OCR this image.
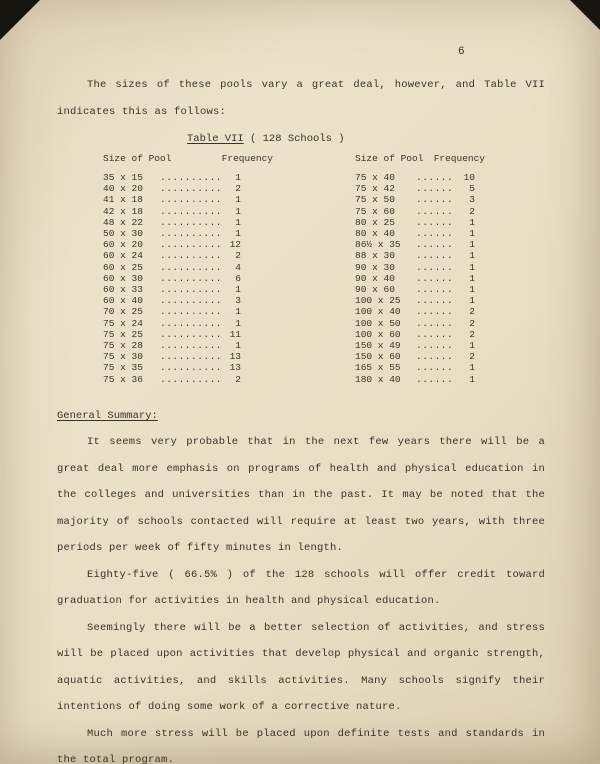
6

The sizes of these pools vary a great deal, however, and Table VII indicates this as follows:

Table VII ( 128 Schools )
Size of Pool	Frequency
35 x 15 .....	1
40 x 20 .....	2
41 x 18 .....	1
42 x 18 .....	1
48 x 22 .....	1
50 x 30 .....	1
60 x 20 .....	12
60 x 24 .....	2
60 x 25 .....	4
60 x 30 .....	6
60 x 33 .....	1
60 x 40 .....	3
70 x 25 .....	1
75 x 24 .....	1
75 x 25 .....	11
75 x 28 .....	1
75 x 30 .....	13
75 x 35 .....	13
75 x 36 .....	2
Size of Pool Frequency
75 x 40 .....	10
75 x 42 .....	5
75 x 50 .....	3
75 x 60 .....	2
80 x 25 .....	1
80 x 40 .....	1
86½ x 35 .....	1
88 x 30 .....	1
90 x 30 .....	1
90 x 40 .....	1
90 x 60 .....	1
100 x 25 .....	1
100 x 40 .....	2
100 x 50 .....	2
100 x 60 .....	2
150 x 49 .....	1
150 x 60 .....	2
165 x 55 .....	1
180 x 40 .....	1
General Summary:

It seems very probable that in the next few years there will be a great deal more emphasis on programs of health and physical education in the colleges and universities than in the past. It may be noted that the majority of schools contacted will require at least two years, with three periods per week of fifty minutes in length.

Eighty-five ( 66.5% ) of the 128 schools will offer credit toward graduation for activities in health and physical education.

Seemingly there will be a better selection of activities, and stress will be placed upon activities that develop physical and organic strength, aquatic activities, and skills activities. Many schools signify their intentions of doing some work of a corrective nature.

Much more stress will be placed upon definite tests and standards in the total program.
